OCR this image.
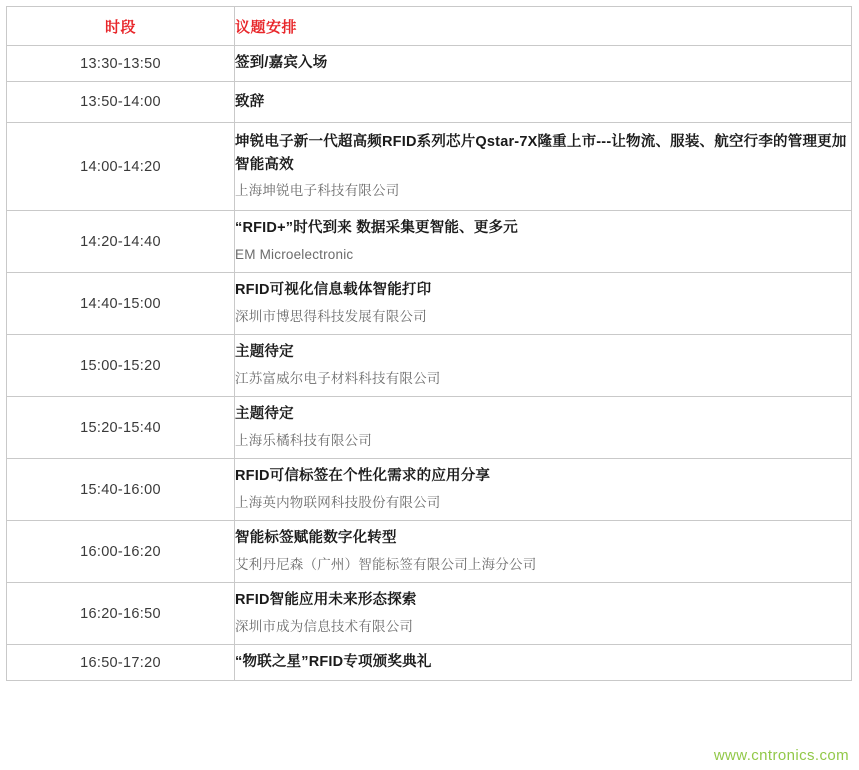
时段	议题安排
13:30-13:50	签到/嘉宾入场

13:50-14:00	致辞

14:00-14:20	坤锐电子新一代超高频RFID系列芯片Qstar-7X隆重上市---让物流、服装、航空行李的管理更加智能高效
上海坤锐电子科技有限公司

14:20-14:40	“RFID+”时代到来 数据采集更智能、更多元
EM Microelectronic

14:40-15:00	RFID可视化信息载体智能打印
深圳市博思得科技发展有限公司

15:00-15:20	主题待定
江苏富威尔电子材料科技有限公司

15:20-15:40	主题待定
上海乐橘科技有限公司

15:40-16:00	RFID可信标签在个性化需求的应用分享
上海英内物联网科技股份有限公司

16:00-16:20	智能标签赋能数字化转型
艾利丹尼森（广州）智能标签有限公司上海分公司

16:20-16:50	RFID智能应用未来形态探索
深圳市成为信息技术有限公司

16:50-17:20	“物联之星”RFID专项颁奖典礼
www.cntronics.com
